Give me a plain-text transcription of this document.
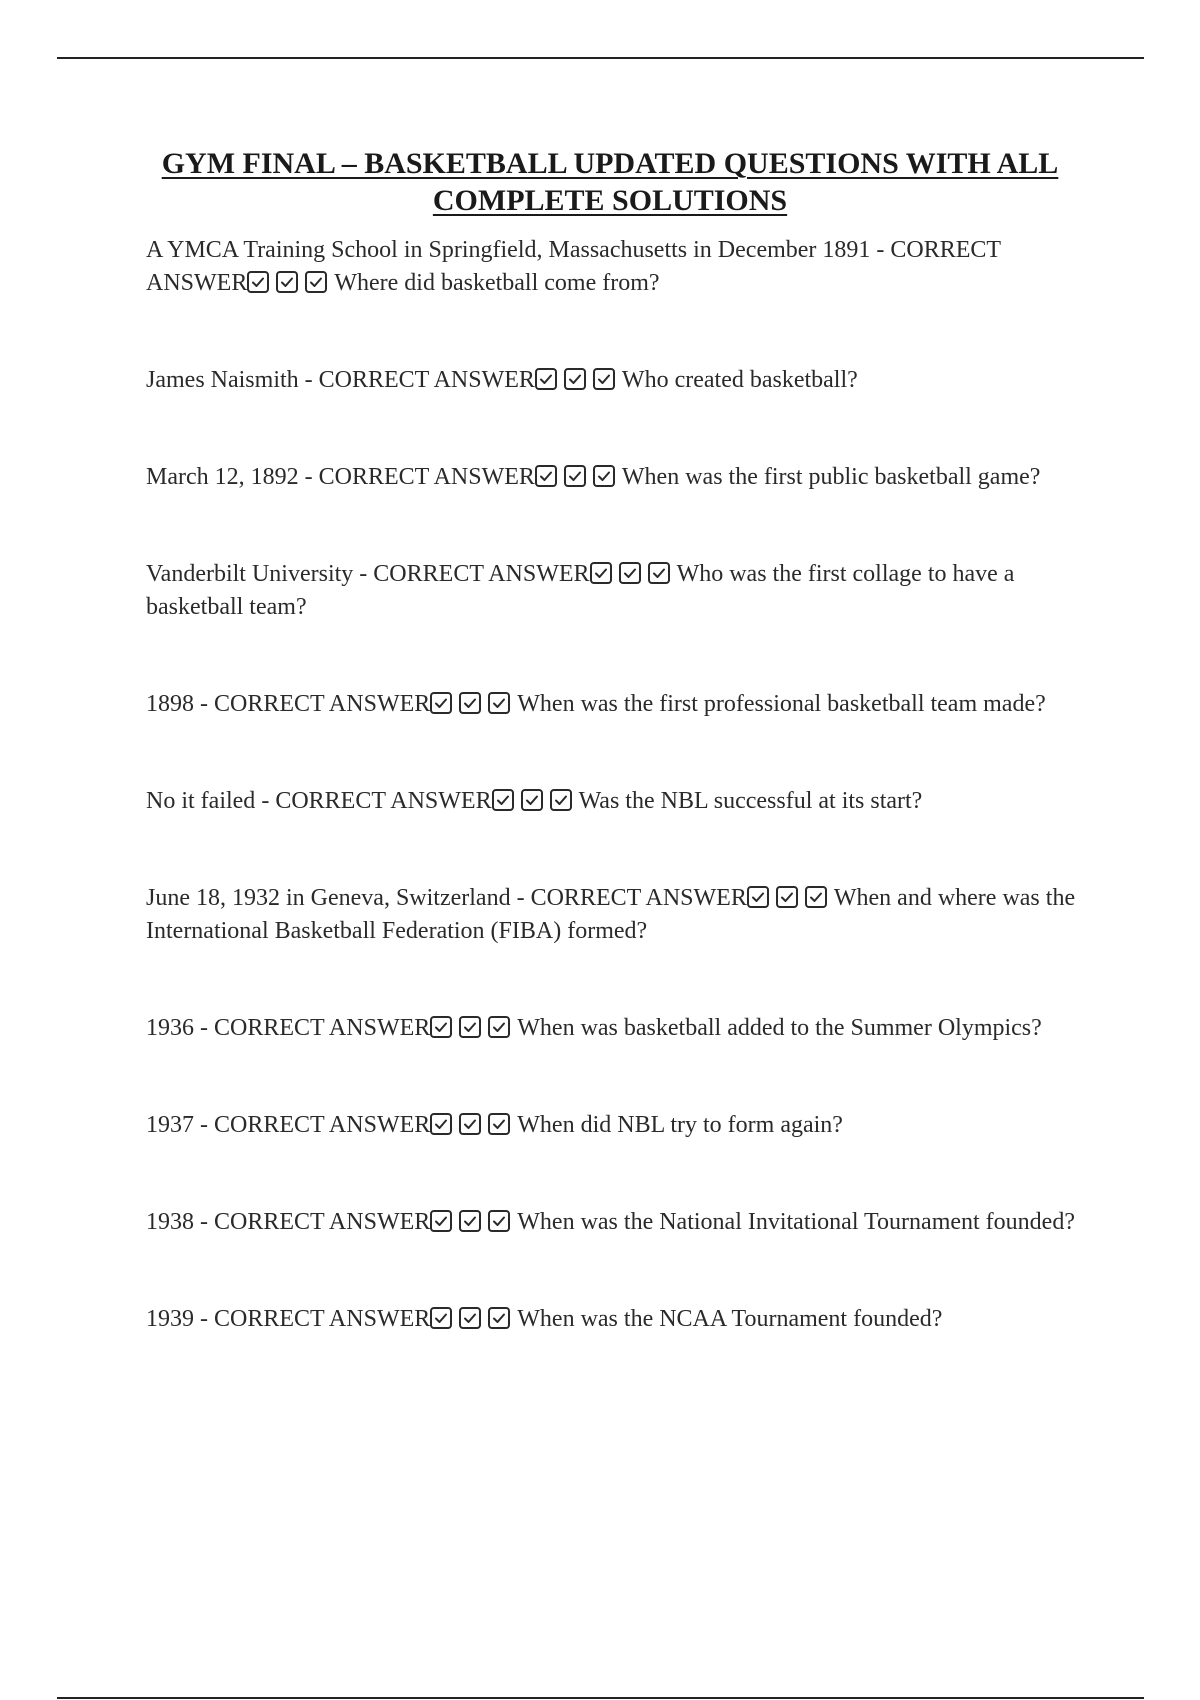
GYM FINAL – BASKETBALL UPDATED QUESTIONS WITH ALL COMPLETE SOLUTIONS
A YMCA Training School in Springfield, Massachusetts in December 1891 - CORRECT ANSWER	Where did basketball come from?
James Naismith - CORRECT ANSWER	Who created basketball?
March 12, 1892 - CORRECT ANSWER	When was the first public basketball game?
Vanderbilt University - CORRECT ANSWER	Who was the first collage to have a basketball team?
1898 - CORRECT ANSWER	When was the first professional basketball team made?
No it failed - CORRECT ANSWER	Was the NBL successful at its start?
June 18, 1932 in Geneva, Switzerland - CORRECT ANSWER	When and where was the International Basketball Federation (FIBA) formed?
1936 - CORRECT ANSWER	When was basketball added to the Summer Olympics?
1937 - CORRECT ANSWER	When did NBL try to form again?
1938 - CORRECT ANSWER	When was the National Invitational Tournament founded?
1939 - CORRECT ANSWER	When was the NCAA Tournament founded?
